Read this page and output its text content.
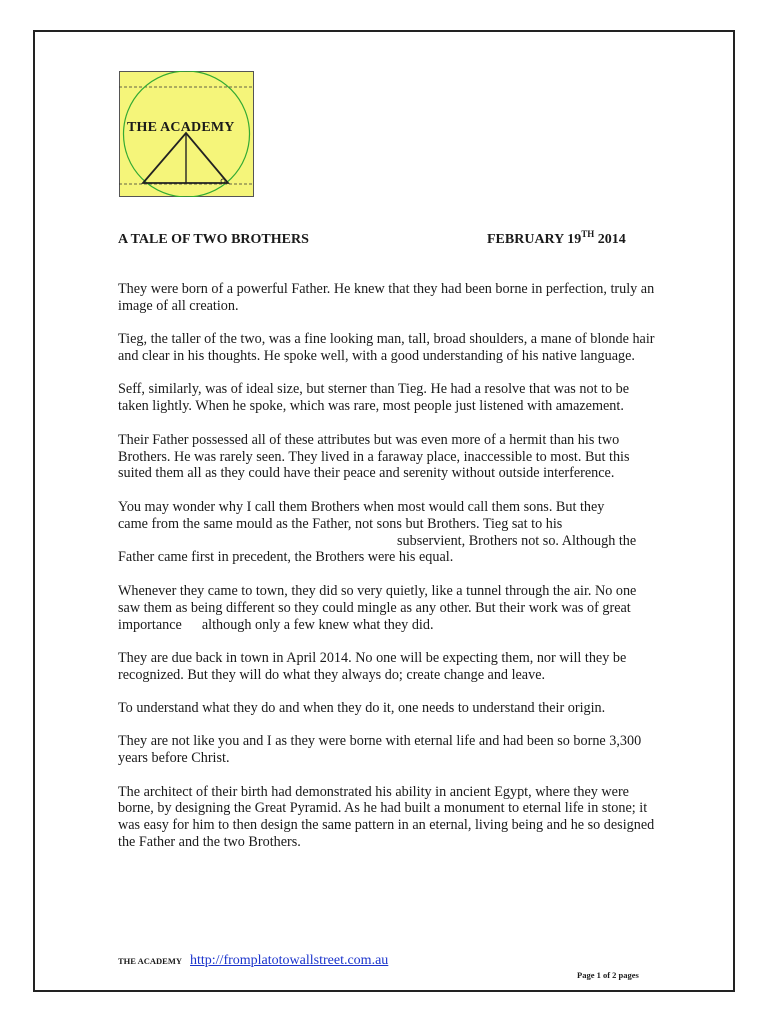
THE ACADEMY
A TALE OF TWO BROTHERS	FEBRUARY 19TH 2014

They were born of a powerful Father. He knew that they had been borne in perfection, truly an image of all creation.

Tieg, the taller of the two, was a fine looking man, tall, broad shoulders, a mane of blonde hair and clear in his thoughts. He spoke well, with a good understanding of his native language.

Seff, similarly, was of ideal size, but sterner than Tieg. He had a resolve that was not to be taken lightly. When he spoke, which was rare, most people just listened with amazement.

Their Father possessed all of these attributes but was even more of a hermit than his two Brothers. He was rarely seen. They lived in a faraway place, inaccessible to most. But this suited them all as they could have their peace and serenity without outside interference.

You may wonder why I call them Brothers when most would call them sons. But they
came from the same mould as the Father, not sons but Brothers. Tieg sat to his
subservient, Brothers not so. Although the
Father came first in precedent, the Brothers were his equal.

Whenever they came to town, they did so very quietly, like a tunnel through the air. No one saw them as being different so they could mingle as any other. But their work was of great importance although only a few knew what they did.

They are due back in town in April 2014. No one will be expecting them, nor will they be recognized. But they will do what they always do; create change and leave.

To understand what they do and when they do it, one needs to understand their origin.

They are not like you and I as they were borne with eternal life and had been so borne 3,300 years before Christ.

The architect of their birth had demonstrated his ability in ancient Egypt, where they were borne, by designing the Great Pyramid. As he had built a monument to eternal life in stone; it was easy for him to then design the same pattern in an eternal, living being and he so designed the Father and the two Brothers.

THE ACADEMY http://fromplatotowallstreet.com.au
Page 1 of 2 pages
